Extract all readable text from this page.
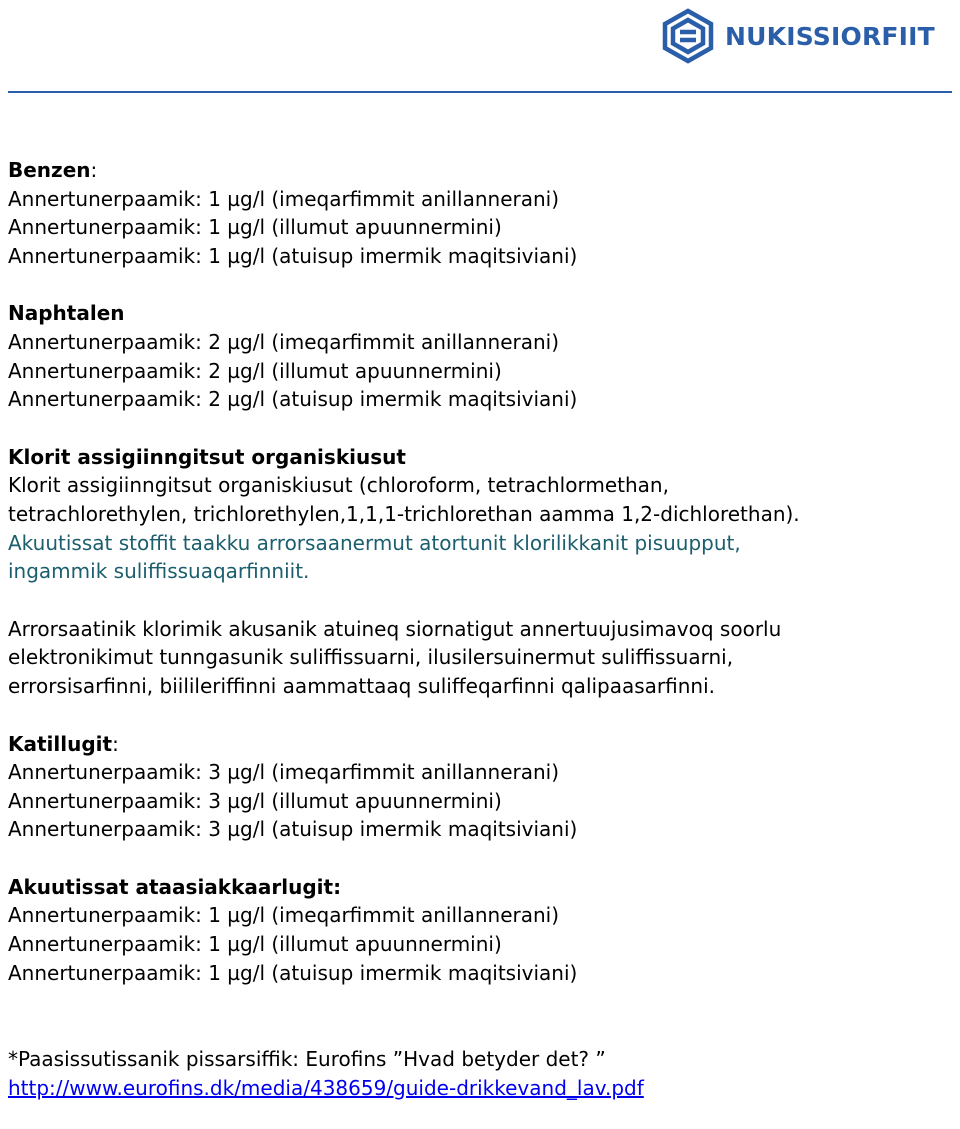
NUKISSIORFIIT
Benzen:
Annertunerpaamik: 1 µg/l (imeqarfimmit anillannerani)
Annertunerpaamik: 1 µg/l (illumut apuunnermini)
Annertunerpaamik: 1 µg/l (atuisup imermik maqitsiviani)
Naphtalen
Annertunerpaamik: 2 µg/l (imeqarfimmit anillannerani)
Annertunerpaamik: 2 µg/l (illumut apuunnermini)
Annertunerpaamik: 2 µg/l (atuisup imermik maqitsiviani)
Klorit assigiinngitsut organiskiusut
Klorit assigiinngitsut organiskiusut (chloroform, tetrachlormethan,
tetrachlorethylen, trichlorethylen,1,1,1-trichlorethan aamma 1,2-dichlorethan).
Akuutissat stoffit taakku arrorsaanermut atortunit klorilikkanit pisuupput,
ingammik suliffissuaqarfinniit.
Arrorsaatinik klorimik akusanik atuineq siornatigut annertuujusimavoq soorlu
elektronikimut tunngasunik suliffissuarni, ilusilersuinermut suliffissuarni,
errorsisarfinni, biilileriffinni aammattaaq suliffeqarfinni qalipaasarfinni.
Katillugit:
Annertunerpaamik: 3 µg/l (imeqarfimmit anillannerani)
Annertunerpaamik: 3 µg/l (illumut apuunnermini)
Annertunerpaamik: 3 µg/l (atuisup imermik maqitsiviani)
Akuutissat ataasiakkaarlugit:
Annertunerpaamik: 1 µg/l (imeqarfimmit anillannerani)
Annertunerpaamik: 1 µg/l (illumut apuunnermini)
Annertunerpaamik: 1 µg/l (atuisup imermik maqitsiviani)
*Paasissutissanik pissarsiffik: Eurofins ”Hvad betyder det? ”
http://www.eurofins.dk/media/438659/guide-drikkevand_lav.pdf
